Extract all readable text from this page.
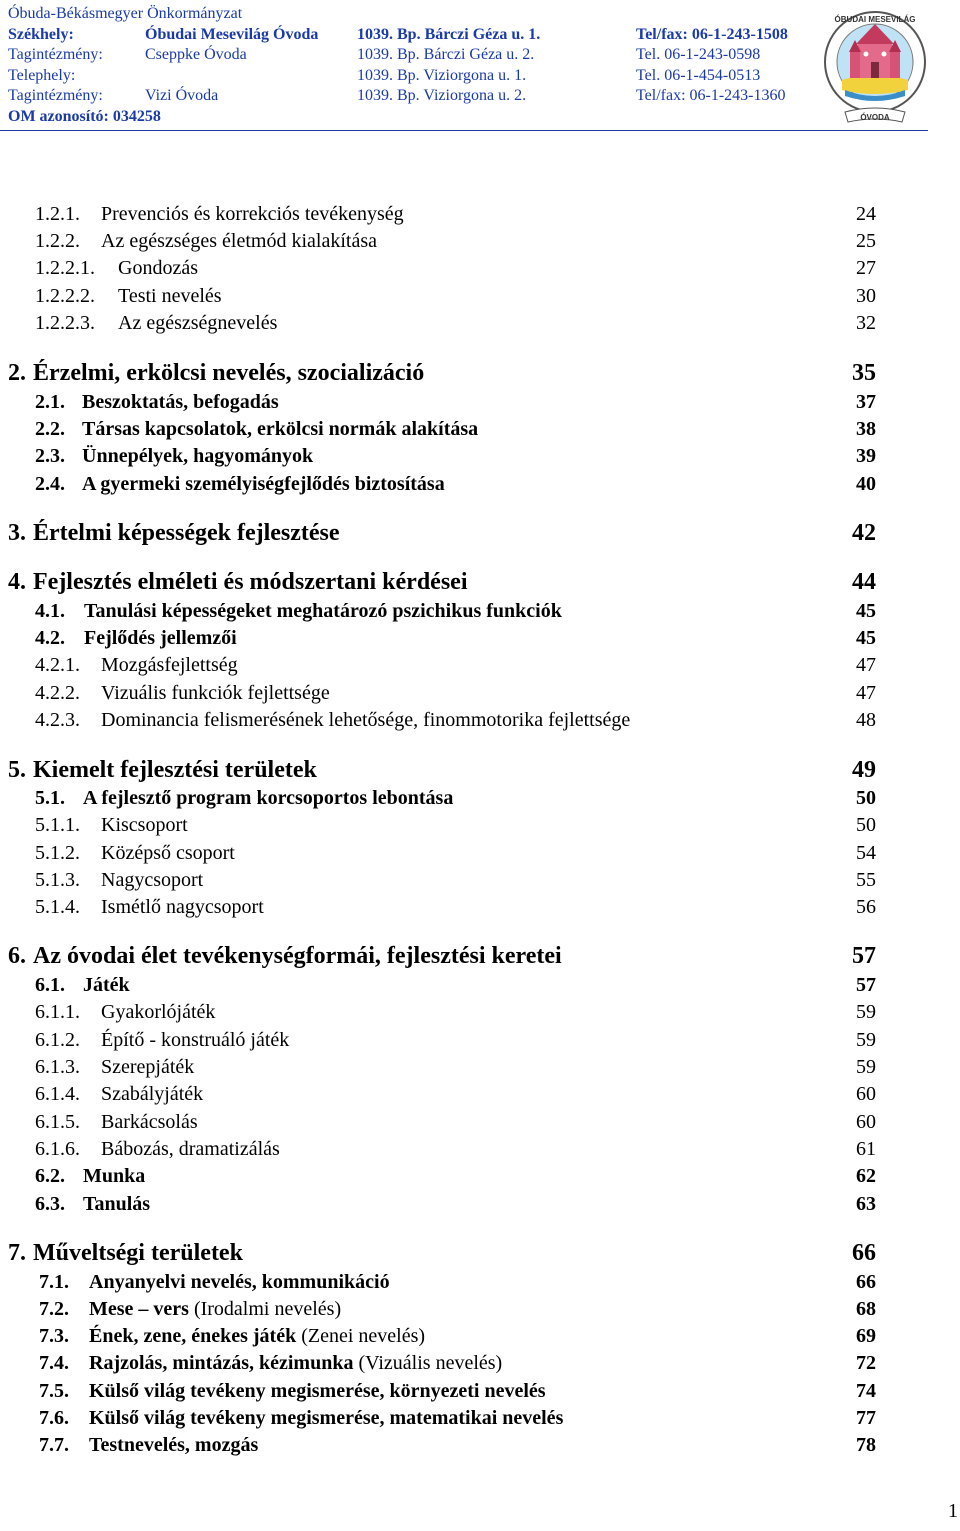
Óbuda-Békásmegyer Önkormányzat
Székhely:	Óbudai Mesevilág Óvoda 1039. Bp. Bárczi Géza u. 1.	Tel/fax: 06-1-243-1508
Tagintézmény:	Cseppke Óvoda	1039. Bp. Bárczi Géza u. 2.	Tel. 06-1-243-0598
Telephely:	1039. Bp. Viziorgona u. 1.	Tel. 06-1-454-0513
Tagintézmény:	Vizi Óvoda	1039. Bp. Viziorgona u. 2.	Tel/fax: 06-1-243-1360
OM azonosító: 034258
ÓBUDAI MESEVILÁG
ÓVODA
1.2.1. Prevenciós és korrekciós tevékenység	24
1.2.2. Az egészséges életmód kialakítása	25
1.2.2.1. Gondozás	27
1.2.2.2. Testi nevelés	30
1.2.2.3. Az egészségnevelés	32
2. Érzelmi, erkölcsi nevelés, szocializáció	35
2.1. Beszoktatás, befogadás	37
2.2. Társas kapcsolatok, erkölcsi normák alakítása	38
2.3. Ünnepélyek, hagyományok	39
2.4. A gyermeki személyiségfejlődés biztosítása	40
3. Értelmi képességek fejlesztése	42
4. Fejlesztés elméleti és módszertani kérdései	44
4.1. Tanulási képességeket meghatározó pszichikus funkciók	45
4.2. Fejlődés jellemzői	45
4.2.1. Mozgásfejlettség	47
4.2.2. Vizuális funkciók fejlettsége	47
4.2.3. Dominancia felismerésének lehetősége, finommotorika fejlettsége	48
5. Kiemelt fejlesztési területek	49
5.1. A fejlesztő program korcsoportos lebontása	50
5.1.1. Kiscsoport	50
5.1.2. Középső csoport	54
5.1.3. Nagycsoport	55
5.1.4. Ismétlő nagycsoport	56
6. Az óvodai élet tevékenységformái, fejlesztési keretei	57
6.1. Játék	57
6.1.1. Gyakorlójáték	59
6.1.2. Építő - konstruáló játék	59
6.1.3. Szerepjáték	59
6.1.4. Szabályjáték	60
6.1.5. Barkácsolás	60
6.1.6. Bábozás, dramatizálás	61
6.2. Munka	62
6.3. Tanulás	63
7. Műveltségi területek	66
7.1. Anyanyelvi nevelés, kommunikáció	66
7.2. Mese – vers (Irodalmi nevelés)	68
7.3. Ének, zene, énekes játék (Zenei nevelés)	69
7.4. Rajzolás, mintázás, kézimunka (Vizuális nevelés)	72
7.5. Külső világ tevékeny megismerése, környezeti nevelés	74
7.6. Külső világ tevékeny megismerése, matematikai nevelés	77
7.7. Testnevelés, mozgás	78
1
